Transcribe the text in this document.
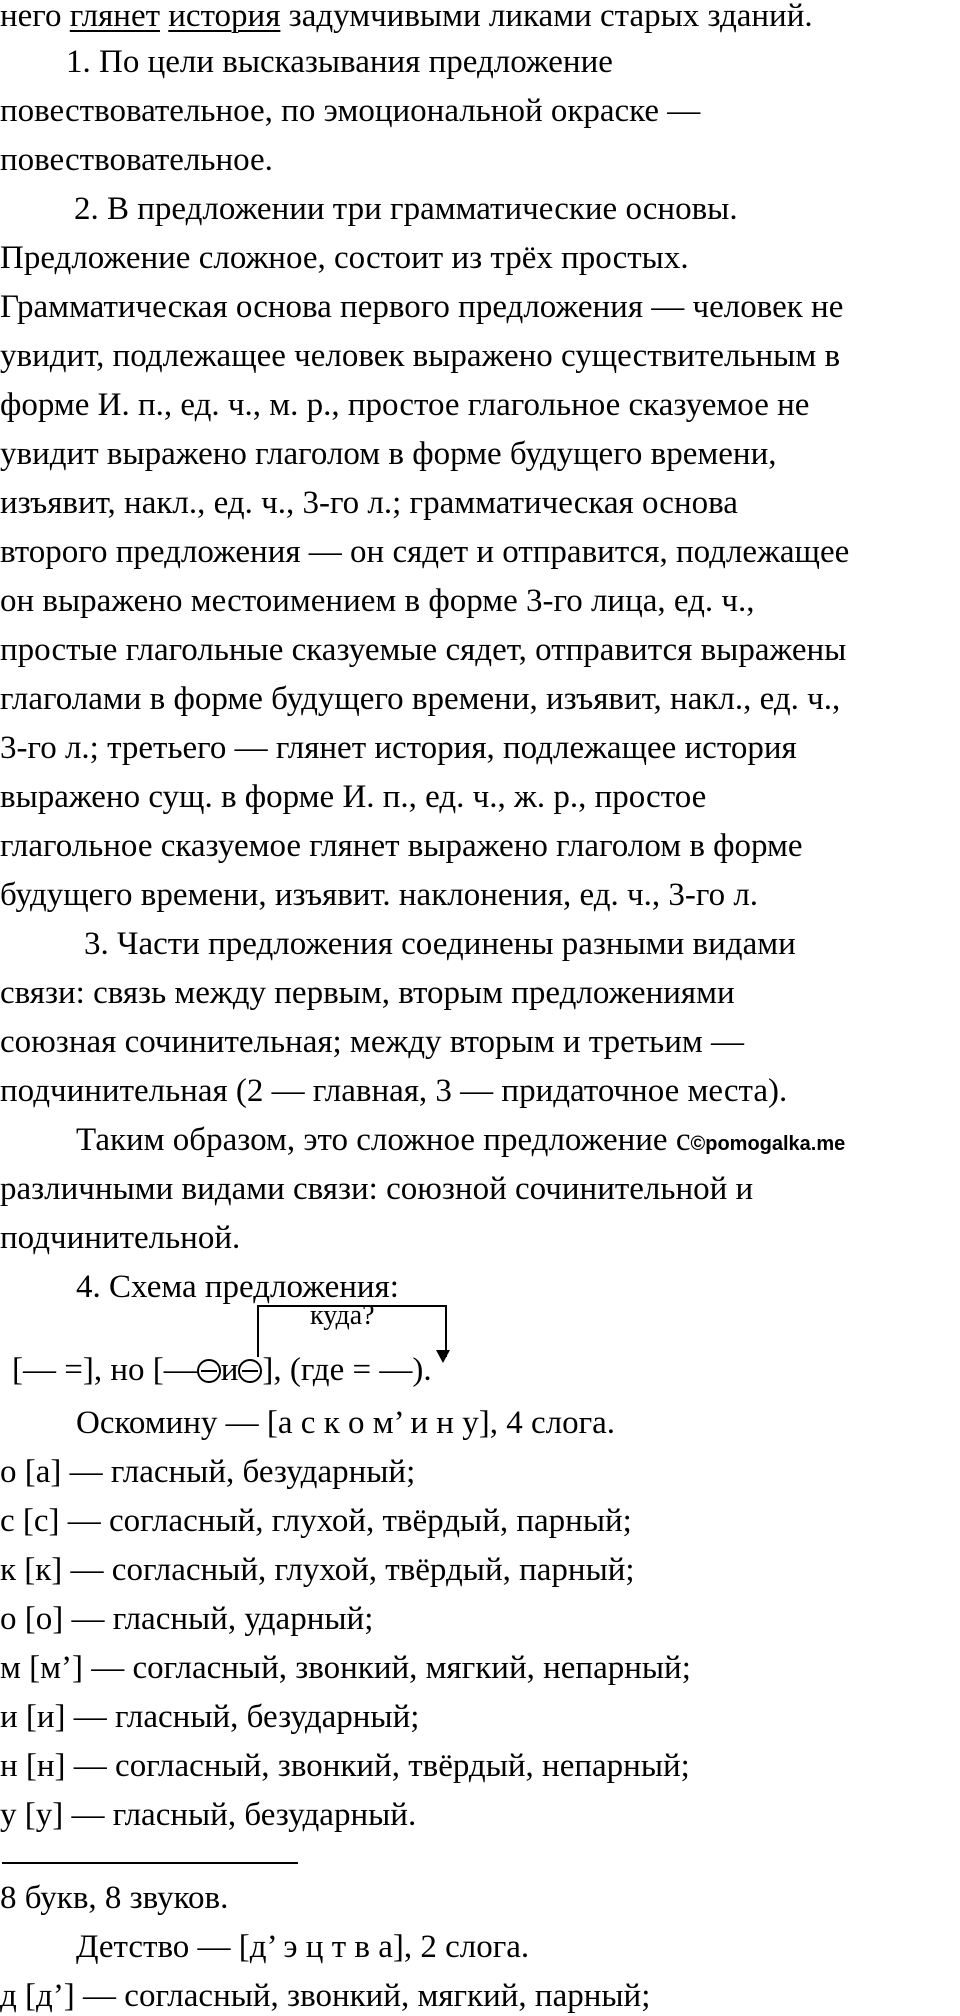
него глянет история задумчивыми ликами старых зданий.
1. По цели высказывания предложение
повествовательное, по эмоциональной окраске —
повествовательное.
2. В предложении три грамматические основы.
Предложение сложное, состоит из трёх простых.
Грамматическая основа первого предложения — человек не
увидит, подлежащее человек выражено существительным в
форме И. п., ед. ч., м. р., простое глагольное сказуемое не
увидит выражено глаголом в форме будущего времени,
изъявит, накл., ед. ч., 3-го л.; грамматическая основа
второго предложения — он сядет и отправится, подлежащее
он выражено местоимением в форме 3-го лица, ед. ч.,
простые глагольные сказуемые сядет, отправится выражены
глаголами в форме будущего времени, изъявит, накл., ед. ч.,
3-го л.; третьего — глянет история, подлежащее история
выражено сущ. в форме И. п., ед. ч., ж. р., простое
глагольное сказуемое глянет выражено глаголом в форме
будущего времени, изъявит. наклонения, ед. ч., 3-го л.
3. Части предложения соединены разными видами
связи: связь между первым, вторым предложениями
союзная сочинительная; между вторым и третьим —
подчинительная (2 — главная, 3 — придаточное места).
Таким образом, это сложное предложение с©pomogalka.me
различными видами связи: союзной сочинительной и
подчинительной.
4. Схема предложения:
куда?
[— =], но [— и ], (где = —).
Оскомину — [а с к о м’ и н у], 4 слога.
о [а] — гласный, безударный;
с [с] — согласный, глухой, твёрдый, парный;
к [к] — согласный, глухой, твёрдый, парный;
о [о] — гласный, ударный;
м [м’] — согласный, звонкий, мягкий, непарный;
и [и] — гласный, безударный;
н [н] — согласный, звонкий, твёрдый, непарный;
у [у] — гласный, безударный.
8 букв, 8 звуков.
Детство — [д’ э ц т в а], 2 слога.
д [д’] — согласный, звонкий, мягкий, парный;
